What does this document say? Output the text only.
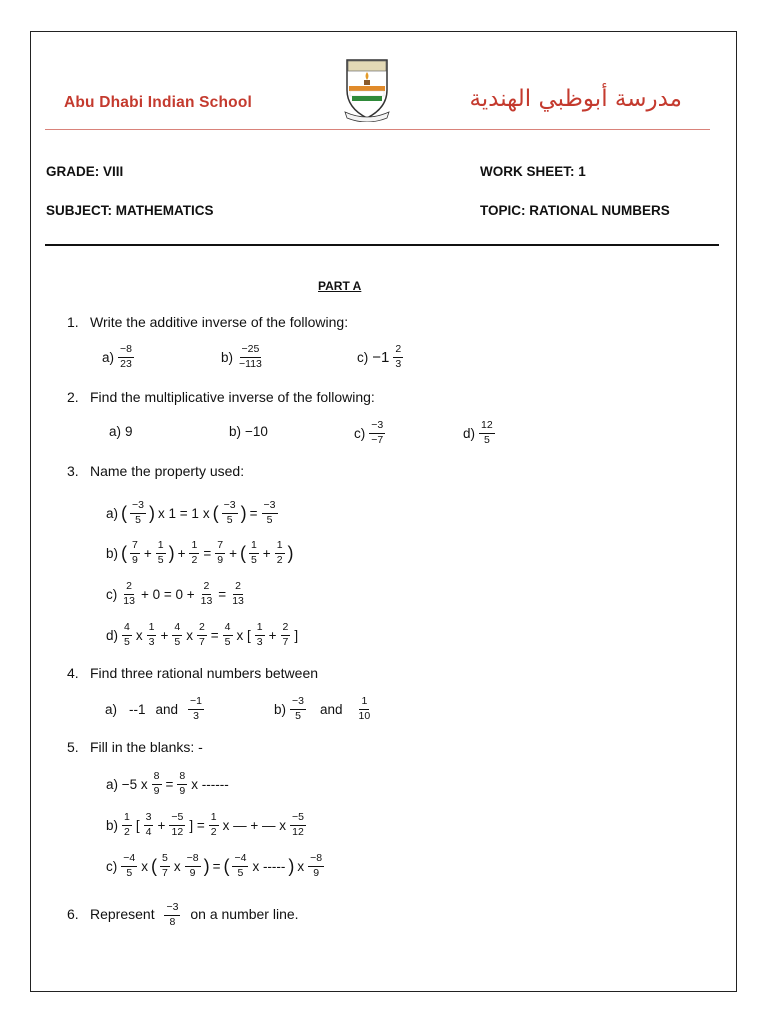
Abu Dhabi Indian School	مدرسة أبوظبي الهندية
GRADE: VIII	WORK SHEET: 1
SUBJECT: MATHEMATICS	TOPIC: RATIONAL NUMBERS
PART A
1. Write the additive inverse of the following:
$a) \frac{-8}{23}$	$b) \frac{-25}{-113}$	$c) -1 \frac{2}{3}$
2. Find the multiplicative inverse of the following:
a) 9	b) −10	$c) \frac{-3}{-7}$	$d) \frac{12}{5}$
3. Name the property used:
a) ( $\frac{-3}{5}$ ) x 1 = 1 x ( $\frac{-3}{5}$ ) = $\frac{-3}{5}$
b) ( $\frac{7}{9} + \frac{1}{5}$ ) + $\frac{1}{2} = \frac{7}{9}$ + ( $\frac{1}{5} + \frac{1}{2}$ )
$c) \frac{2}{13} + 0 = 0 + \frac{2}{13} = \frac{2}{13}$
$d) \frac{4}{5}$ x $\frac{1}{3} + \frac{4}{5}$ x $\frac{2}{7} = \frac{4}{5}$ x [ $\frac{1}{3} + \frac{2}{7}$ ]
a) −5 x $\frac{8}{9} = \frac{8}{9}$ x ------
$b) \frac{1}{2}$ [ $\frac{3}{4} + \frac{-5}{12}$ ] = $\frac{1}{2}$ x — + — x $\frac{-5}{12}$
$c) \frac{-4}{5}$ x ( $\frac{5}{7}$ x $\frac{-8}{9}$ ) = ( $\frac{-4}{5}$ x ----- ) x $\frac{-8}{9}$
4. Find three rational numbers between
a) --1 and $\frac{-1}{3}$	$b) \frac{-3}{5}$ and $\frac{1}{10}$
5. Fill in the blanks: -
6. Represent $\frac{-3}{8}$ on a number line.
